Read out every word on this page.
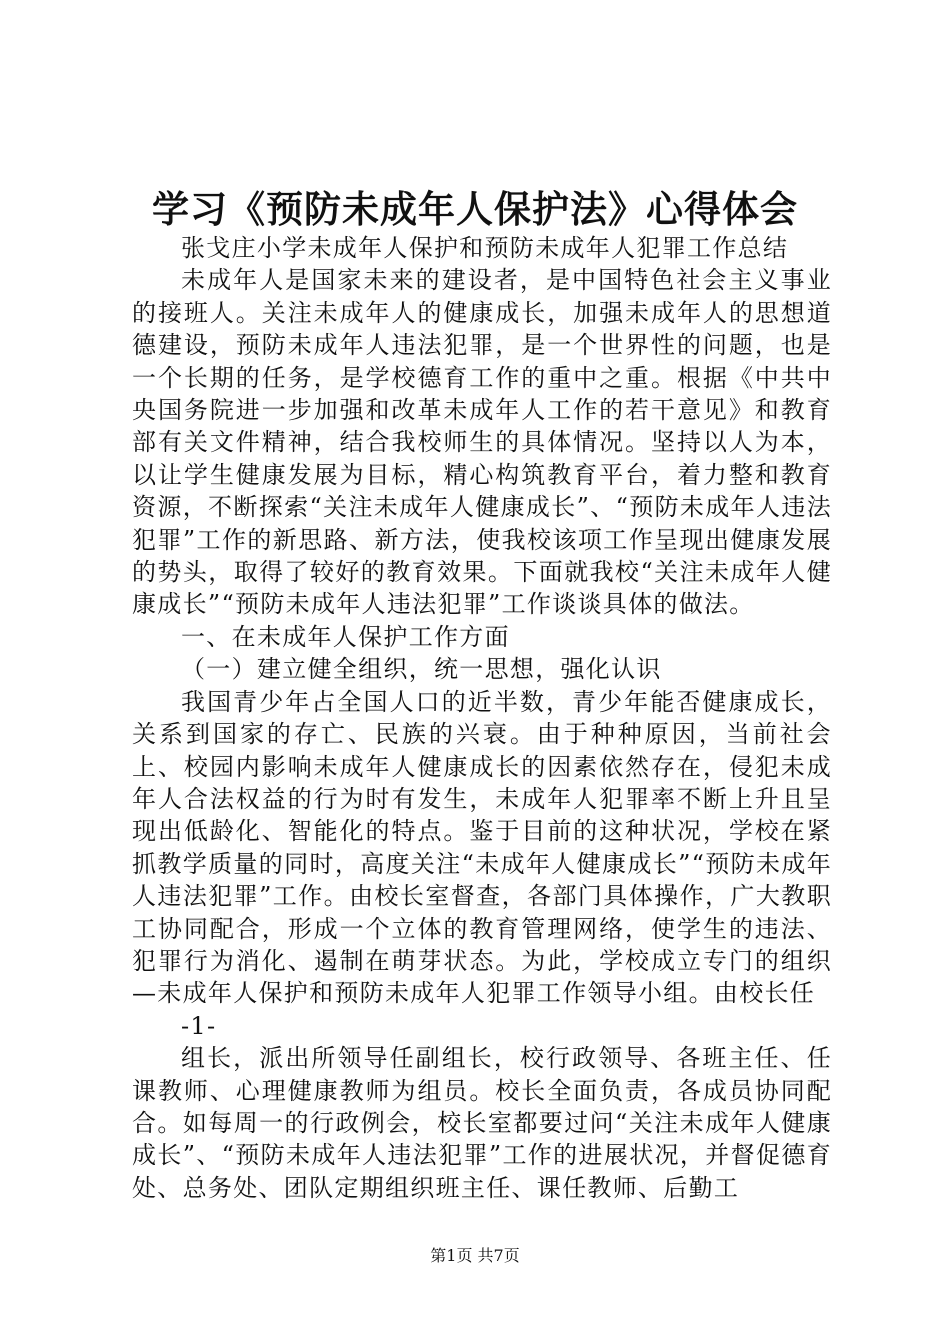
学习《预防未成年人保护法》心得体会

张戈庄小学未成年人保护和预防未成年人犯罪工作总结

未成年人是国家未来的建设者，是中国特色社会主义事业的接班人。关注未成年人的健康成长，加强未成年人的思想道德建设，预防未成年人违法犯罪，是一个世界性的问题，也是一个长期的任务，是学校德育工作的重中之重。根据《中共中央国务院进一步加强和改革未成年人工作的若干意见》和教育部有关文件精神，结合我校师生的具体情况。坚持以人为本，以让学生健康发展为目标，精心构筑教育平台，着力整和教育资源，不断探索“关注未成年人健康成长”、“预防未成年人违法犯罪”工作的新思路、新方法，使我校该项工作呈现出健康发展的势头，取得了较好的教育效果。下面就我校“关注未成年人健康成长”“预防未成年人违法犯罪”工作谈谈具体的做法。

一、在未成年人保护工作方面

（一）建立健全组织，统一思想，强化认识

我国青少年占全国人口的近半数，青少年能否健康成长，关系到国家的存亡、民族的兴衰。由于种种原因，当前社会上、校园内影响未成年人健康成长的因素依然存在，侵犯未成年人合法权益的行为时有发生，未成年人犯罪率不断上升且呈现出低龄化、智能化的特点。鉴于目前的这种状况，学校在紧抓教学质量的同时，高度关注“未成年人健康成长”“预防未成年人违法犯罪”工作。由校长室督查，各部门具体操作，广大教职工协同配合，形成一个立体的教育管理网络，使学生的违法、犯罪行为消化、遏制在萌芽状态。为此，学校成立专门的组织—未成年人保护和预防未成年人犯罪工作领导小组。由校长任

-1-

组长，派出所领导任副组长，校行政领导、各班主任、任课教师、心理健康教师为组员。校长全面负责，各成员协同配合。如每周一的行政例会，校长室都要过问“关注未成年人健康成长”、“预防未成年人违法犯罪”工作的进展状况，并督促德育处、总务处、团队定期组织班主任、课任教师、后勤工

第1页 共7页
